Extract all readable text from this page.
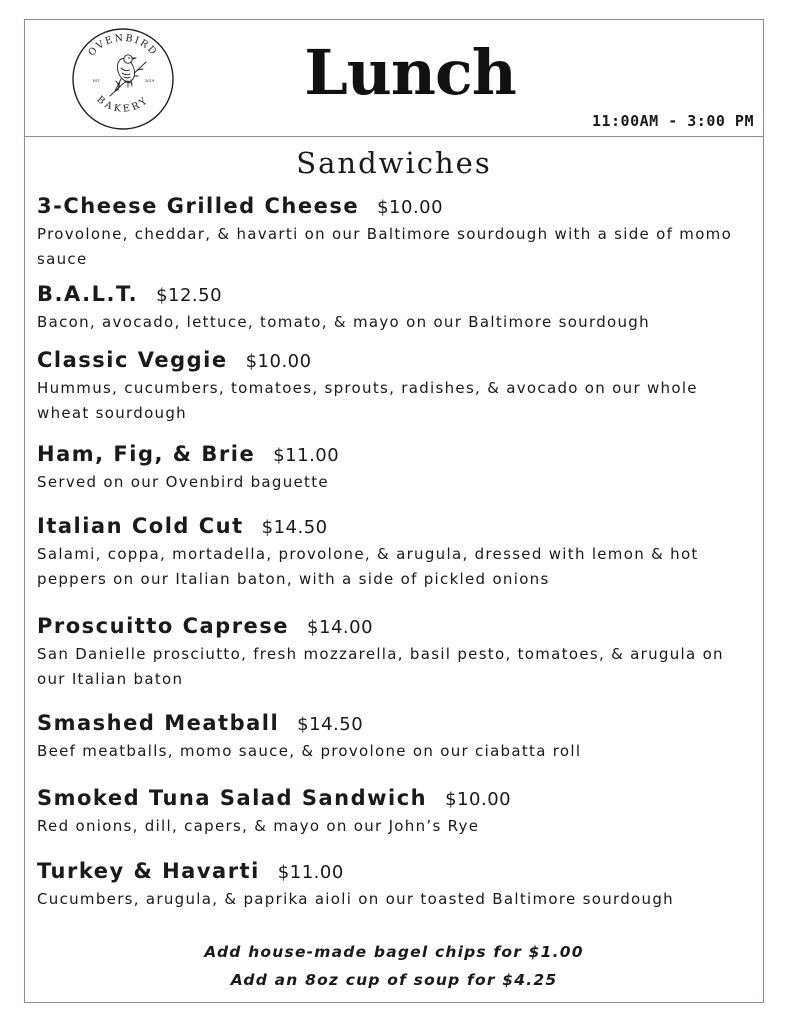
OVENBIRD
BAKERY
EST.	2019 Lunch
11:00AM - 3:00 PM
Sandwiches
3-Cheese Grilled Cheese $10.00
Provolone, cheddar, & havarti on our Baltimore sourdough with a side of momo sauce
B.A.L.T. $12.50
Bacon, avocado, lettuce, tomato, & mayo on our Baltimore sourdough
Classic Veggie $10.00
Hummus, cucumbers, tomatoes, sprouts, radishes, & avocado on our whole wheat sourdough
Ham, Fig, & Brie $11.00
Served on our Ovenbird baguette
Italian Cold Cut $14.50
Salami, coppa, mortadella, provolone, & arugula, dressed with lemon & hot peppers on our Italian baton, with a side of pickled onions
Proscuitto Caprese $14.00
San Danielle prosciutto, fresh mozzarella, basil pesto, tomatoes, & arugula on our Italian baton
Smashed Meatball $14.50
Beef meatballs, momo sauce, & provolone on our ciabatta roll
Smoked Tuna Salad Sandwich $10.00
Red onions, dill, capers, & mayo on our John’s Rye
Turkey & Havarti $11.00
Cucumbers, arugula, & paprika aioli on our toasted Baltimore sourdough
Add house-made bagel chips for $1.00
Add an 8oz cup of soup for $4.25
